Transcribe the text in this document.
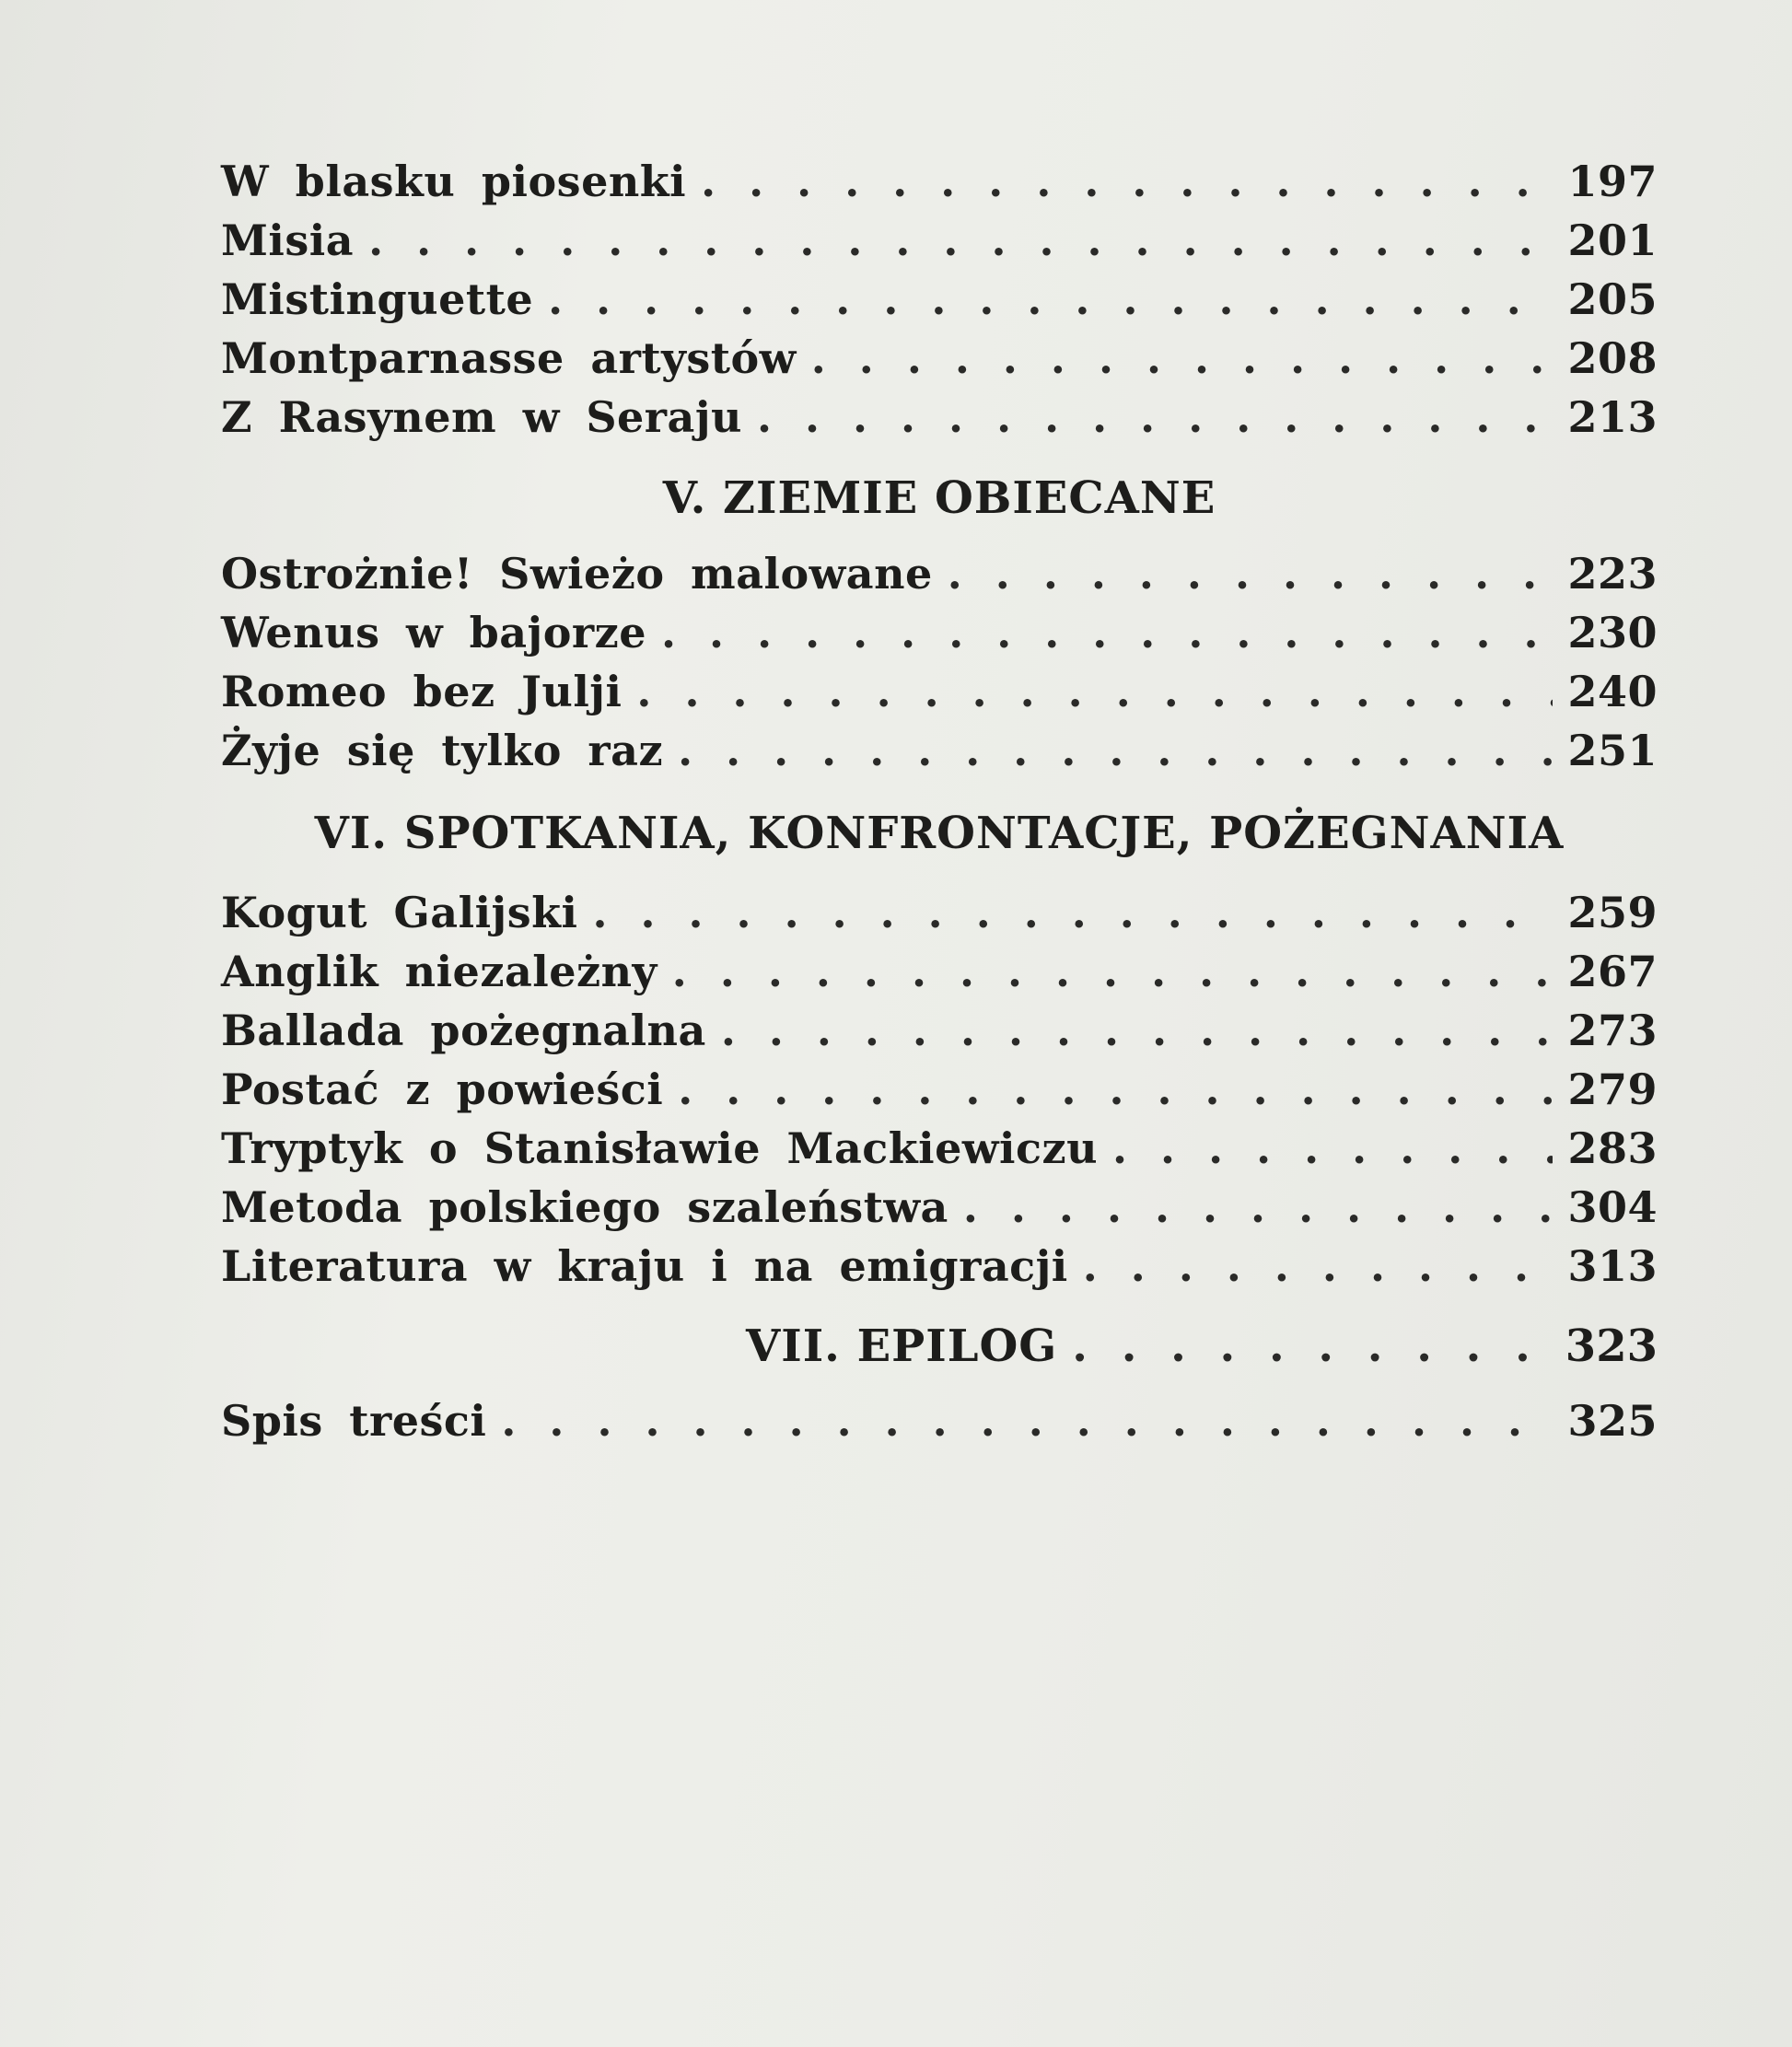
W blasku piosenki . . .	197
Misia . . .	201
Mistinguette . . .	205
Montparnasse artystów . . .	208
Z Rasynem w Seraju . . .	213
V. ZIEMIE OBIECANE
Ostrożnie! Swieżo malowane . . .	223
Wenus w bajorze . . .	230
Romeo bez Julji . . .	240
Żyje się tylko raz . . .	251
VI. SPOTKANIA, KONFRONTACJE, POŻEGNANIA
Kogut Galijski . . .	259
Anglik niezależny . . .	267
Ballada pożegnalna . . .	273
Postać z powieści . . .	279
Tryptyk o Stanisławie Mackiewiczu . . .	283
Metoda polskiego szaleństwa . . .	304
Literatura w kraju i na emigracji . . .	313
VII. EPILOG . . .	323
Spis treści . . .	325
